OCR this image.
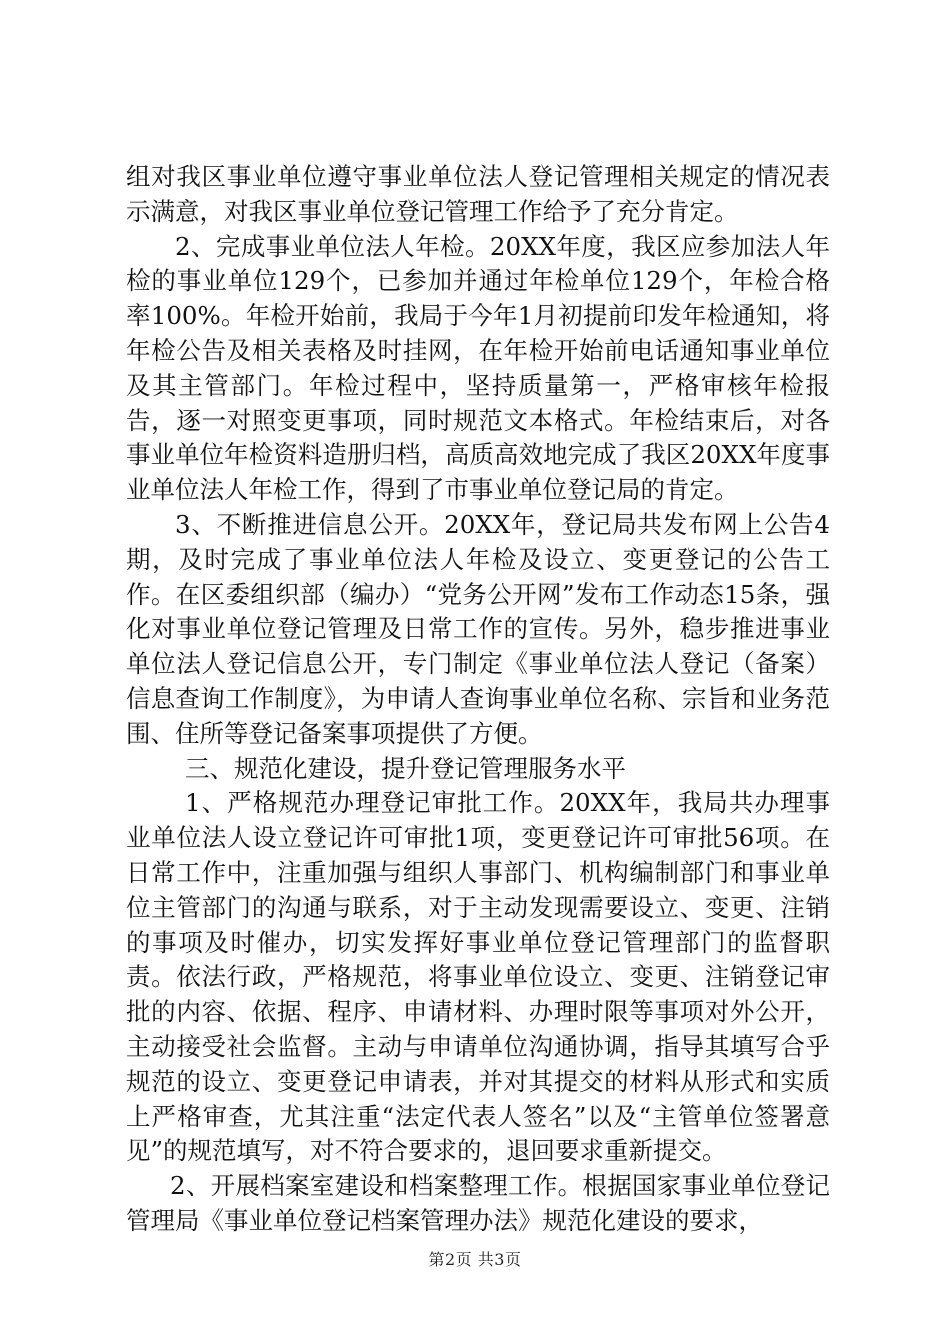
组对我区事业单位遵守事业单位法人登记管理相关规定的情况表示满意，对我区事业单位登记管理工作给予了充分肯定。

2、完成事业单位法人年检。20XX年度，我区应参加法人年检的事业单位129个，已参加并通过年检单位129个，年检合格率100%。年检开始前，我局于今年1月初提前印发年检通知，将年检公告及相关表格及时挂网，在年检开始前电话通知事业单位及其主管部门。年检过程中，坚持质量第一，严格审核年检报告，逐一对照变更事项，同时规范文本格式。年检结束后，对各事业单位年检资料造册归档，高质高效地完成了我区20XX年度事业单位法人年检工作，得到了市事业单位登记局的肯定。

3、不断推进信息公开。20XX年，登记局共发布网上公告4期，及时完成了事业单位法人年检及设立、变更登记的公告工作。在区委组织部（编办）“党务公开网”发布工作动态15条，强化对事业单位登记管理及日常工作的宣传。另外，稳步推进事业单位法人登记信息公开，专门制定《事业单位法人登记（备案）信息查询工作制度》，为申请人查询事业单位名称、宗旨和业务范围、住所等登记备案事项提供了方便。

三、规范化建设，提升登记管理服务水平

1、严格规范办理登记审批工作。20XX年，我局共办理事业单位法人设立登记许可审批1项，变更登记许可审批56项。在日常工作中，注重加强与组织人事部门、机构编制部门和事业单位主管部门的沟通与联系，对于主动发现需要设立、变更、注销的事项及时催办，切实发挥好事业单位登记管理部门的监督职责。依法行政，严格规范，将事业单位设立、变更、注销登记审批的内容、依据、程序、申请材料、办理时限等事项对外公开，主动接受社会监督。主动与申请单位沟通协调，指导其填写合乎规范的设立、变更登记申请表，并对其提交的材料从形式和实质上严格审查，尤其注重“法定代表人签名”以及“主管单位签署意见”的规范填写，对不符合要求的，退回要求重新提交。

2、开展档案室建设和档案整理工作。根据国家事业单位登记管理局《事业单位登记档案管理办法》规范化建设的要求，

第2页 共3页
